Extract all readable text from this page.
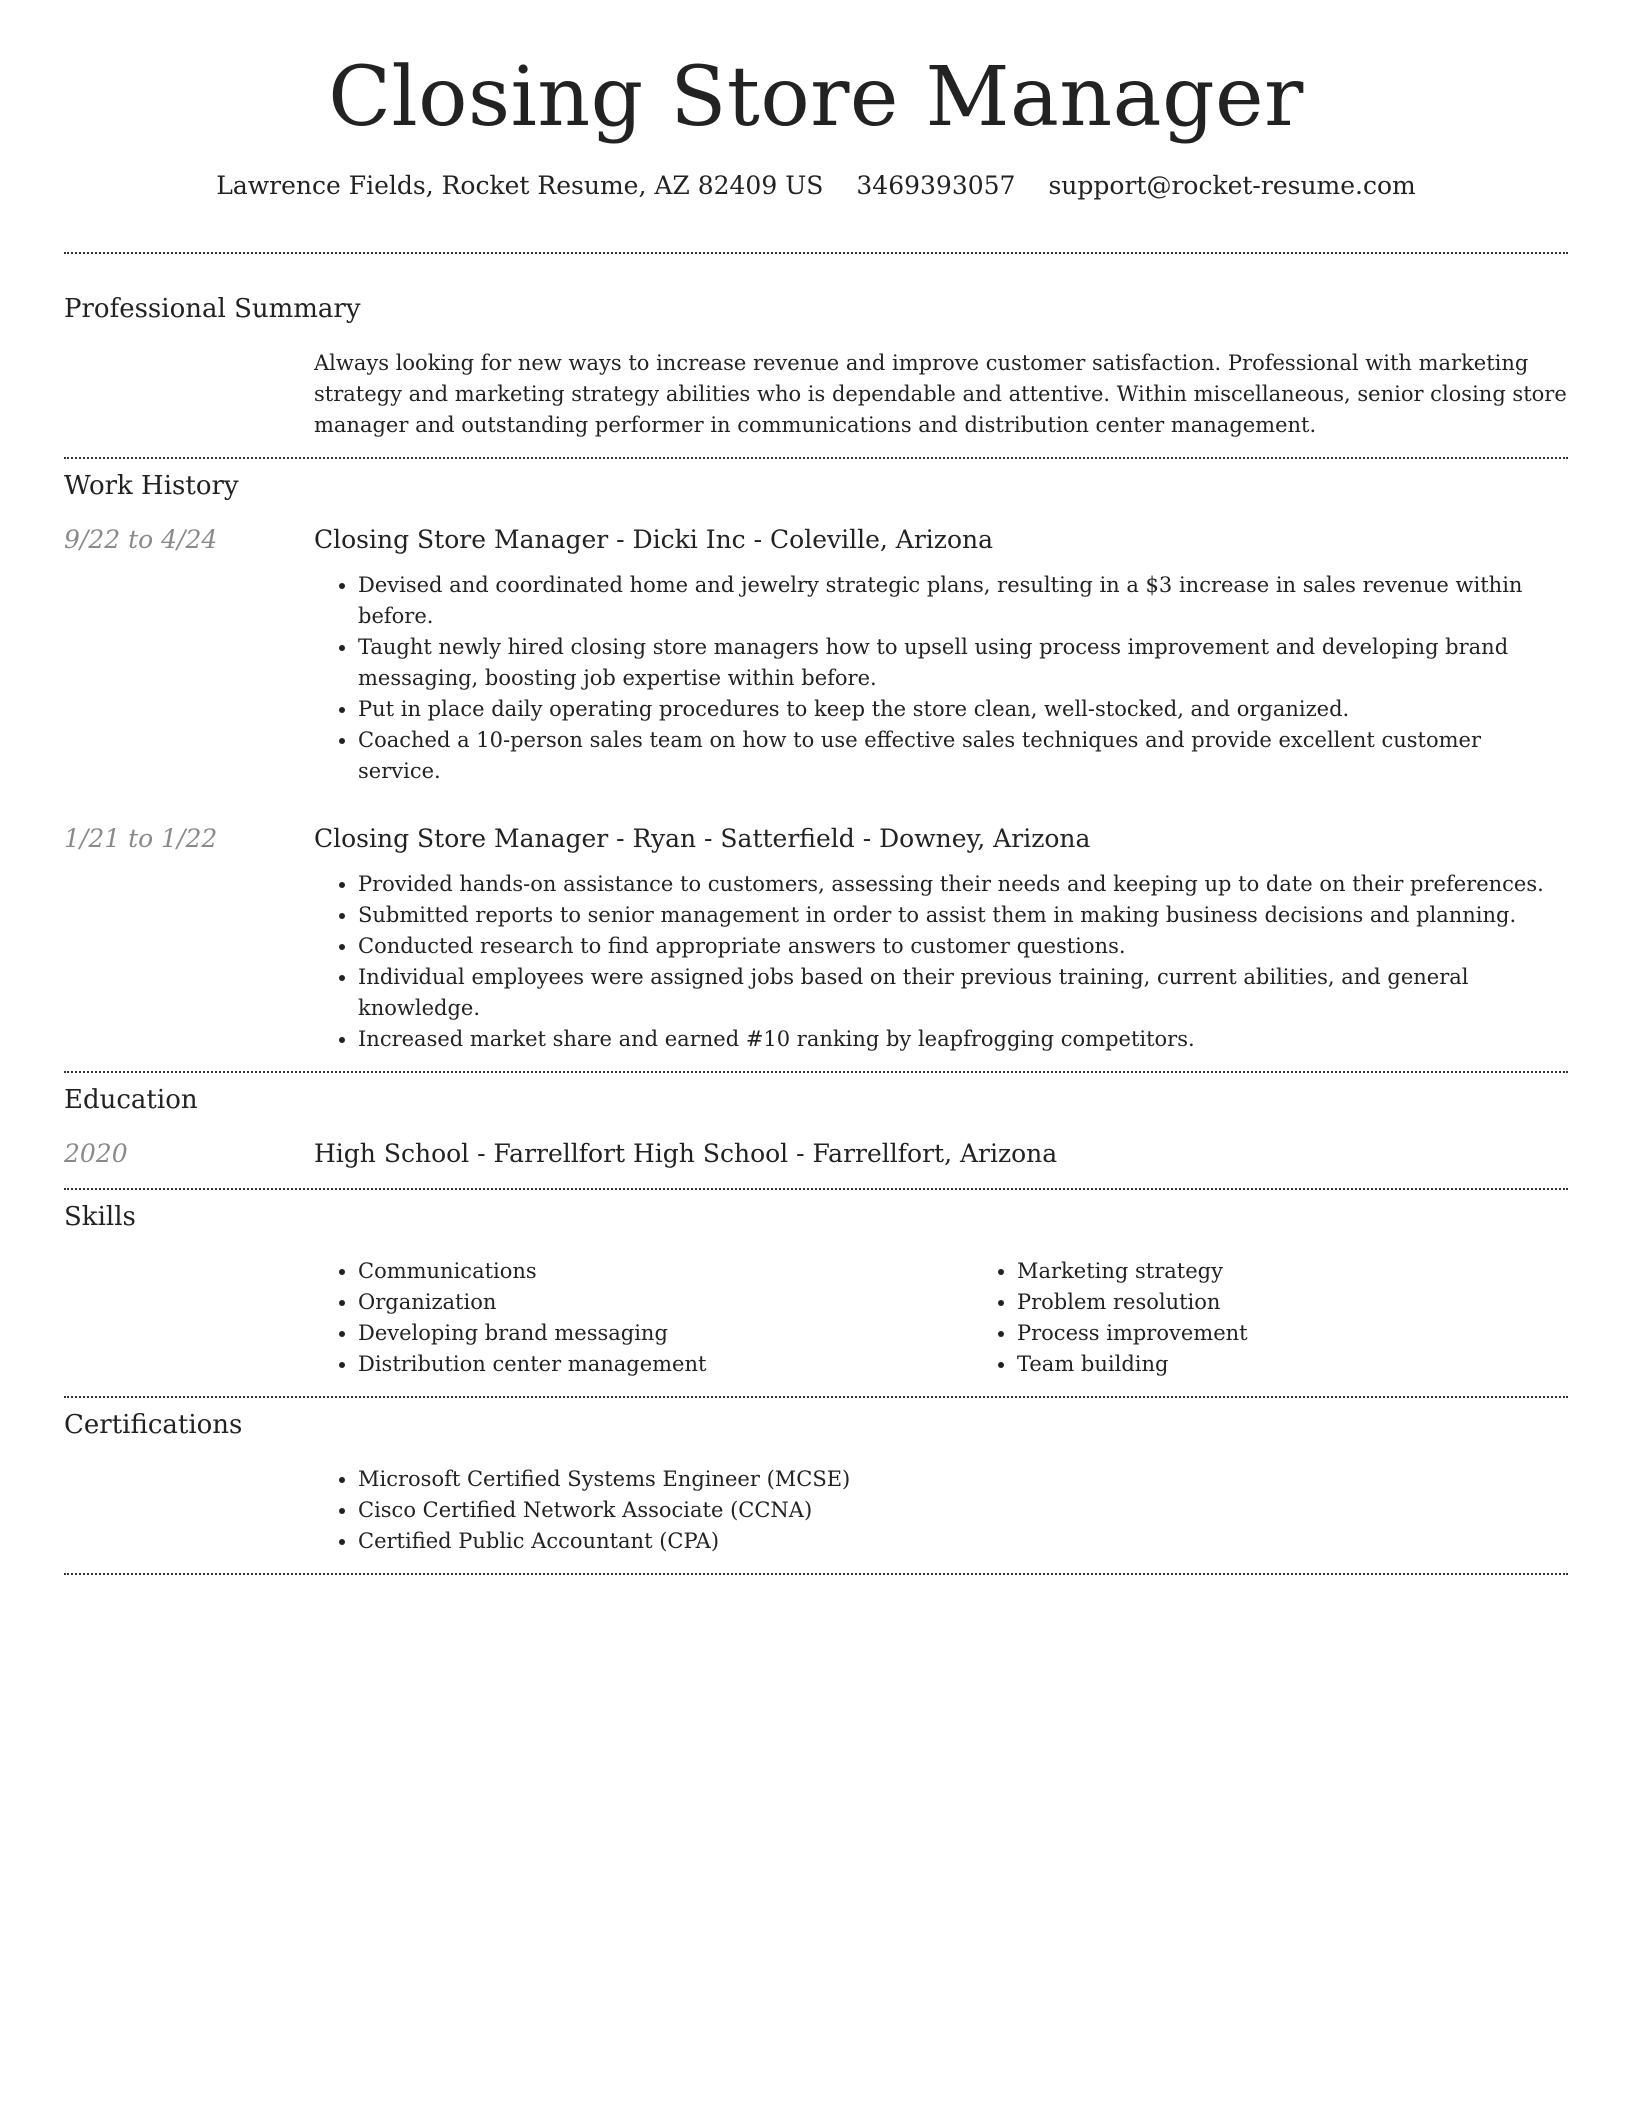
Closing Store Manager
Lawrence Fields, Rocket Resume, AZ 82409 US 3469393057 support@rocket-resume.com
Professional Summary

Always looking for new ways to increase revenue and improve customer satisfaction. Professional with marketing strategy and marketing strategy abilities who is dependable and attentive. Within miscellaneous, senior closing store manager and outstanding performer in communications and distribution center management.

Work History
9/22 to 4/24	Closing Store Manager - Dicki Inc - Coleville, Arizona
• Devised and coordinated home and jewelry strategic plans, resulting in a $3 increase in sales revenue within before.
• Taught newly hired closing store managers how to upsell using process improvement and developing brand messaging, boosting job expertise within before.
• Put in place daily operating procedures to keep the store clean, well-stocked, and organized.
• Coached a 10-person sales team on how to use effective sales techniques and provide excellent customer service.
1/21 to 1/22	Closing Store Manager - Ryan - Satterfield - Downey, Arizona
• Provided hands-on assistance to customers, assessing their needs and keeping up to date on their preferences.
• Submitted reports to senior management in order to assist them in making business decisions and planning.
• Conducted research to find appropriate answers to customer questions.
• Individual employees were assigned jobs based on their previous training, current abilities, and general knowledge.
• Increased market share and earned #10 ranking by leapfrogging competitors.
Education
2020	High School - Farrellfort High School - Farrellfort, Arizona
Skills
• Communications
• Organization
• Developing brand messaging
• Distribution center management
• Marketing strategy
• Problem resolution
• Process improvement
• Team building
Certifications
• Microsoft Certified Systems Engineer (MCSE)
• Cisco Certified Network Associate (CCNA)
• Certified Public Accountant (CPA)
